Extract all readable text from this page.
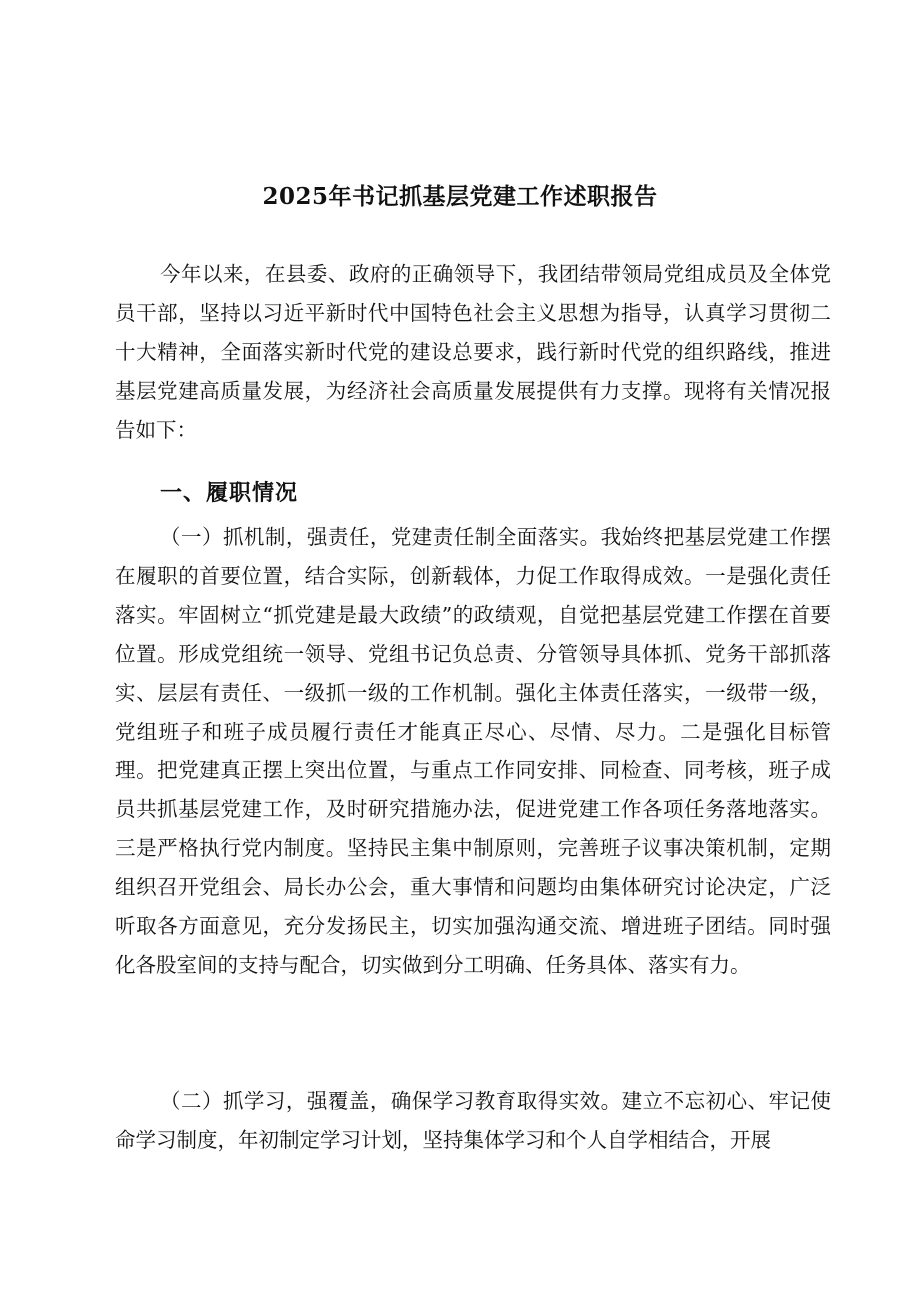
2025年书记抓基层党建工作述职报告

今年以来，在县委、政府的正确领导下，我团结带领局党组成员及全体党员干部，坚持以习近平新时代中国特色社会主义思想为指导，认真学习贯彻二十大精神，全面落实新时代党的建设总要求，践行新时代党的组织路线，推进基层党建高质量发展，为经济社会高质量发展提供有力支撑。现将有关情况报告如下：

一、履职情况

（一）抓机制，强责任，党建责任制全面落实。我始终把基层党建工作摆在履职的首要位置，结合实际，创新载体，力促工作取得成效。一是强化责任落实。牢固树立“抓党建是最大政绩”的政绩观，自觉把基层党建工作摆在首要位置。形成党组统一领导、党组书记负总责、分管领导具体抓、党务干部抓落实、层层有责任、一级抓一级的工作机制。强化主体责任落实，一级带一级，党组班子和班子成员履行责任才能真正尽心、尽情、尽力。二是强化目标管理。把党建真正摆上突出位置，与重点工作同安排、同检查、同考核，班子成员共抓基层党建工作，及时研究措施办法，促进党建工作各项任务落地落实。三是严格执行党内制度。坚持民主集中制原则，完善班子议事决策机制，定期组织召开党组会、局长办公会，重大事情和问题均由集体研究讨论决定，广泛听取各方面意见，充分发扬民主，切实加强沟通交流、增进班子团结。同时强化各股室间的支持与配合，切实做到分工明确、任务具体、落实有力。

（二）抓学习，强覆盖，确保学习教育取得实效。建立不忘初心、牢记使命学习制度，年初制定学习计划，坚持集体学习和个人自学相结合，开展
